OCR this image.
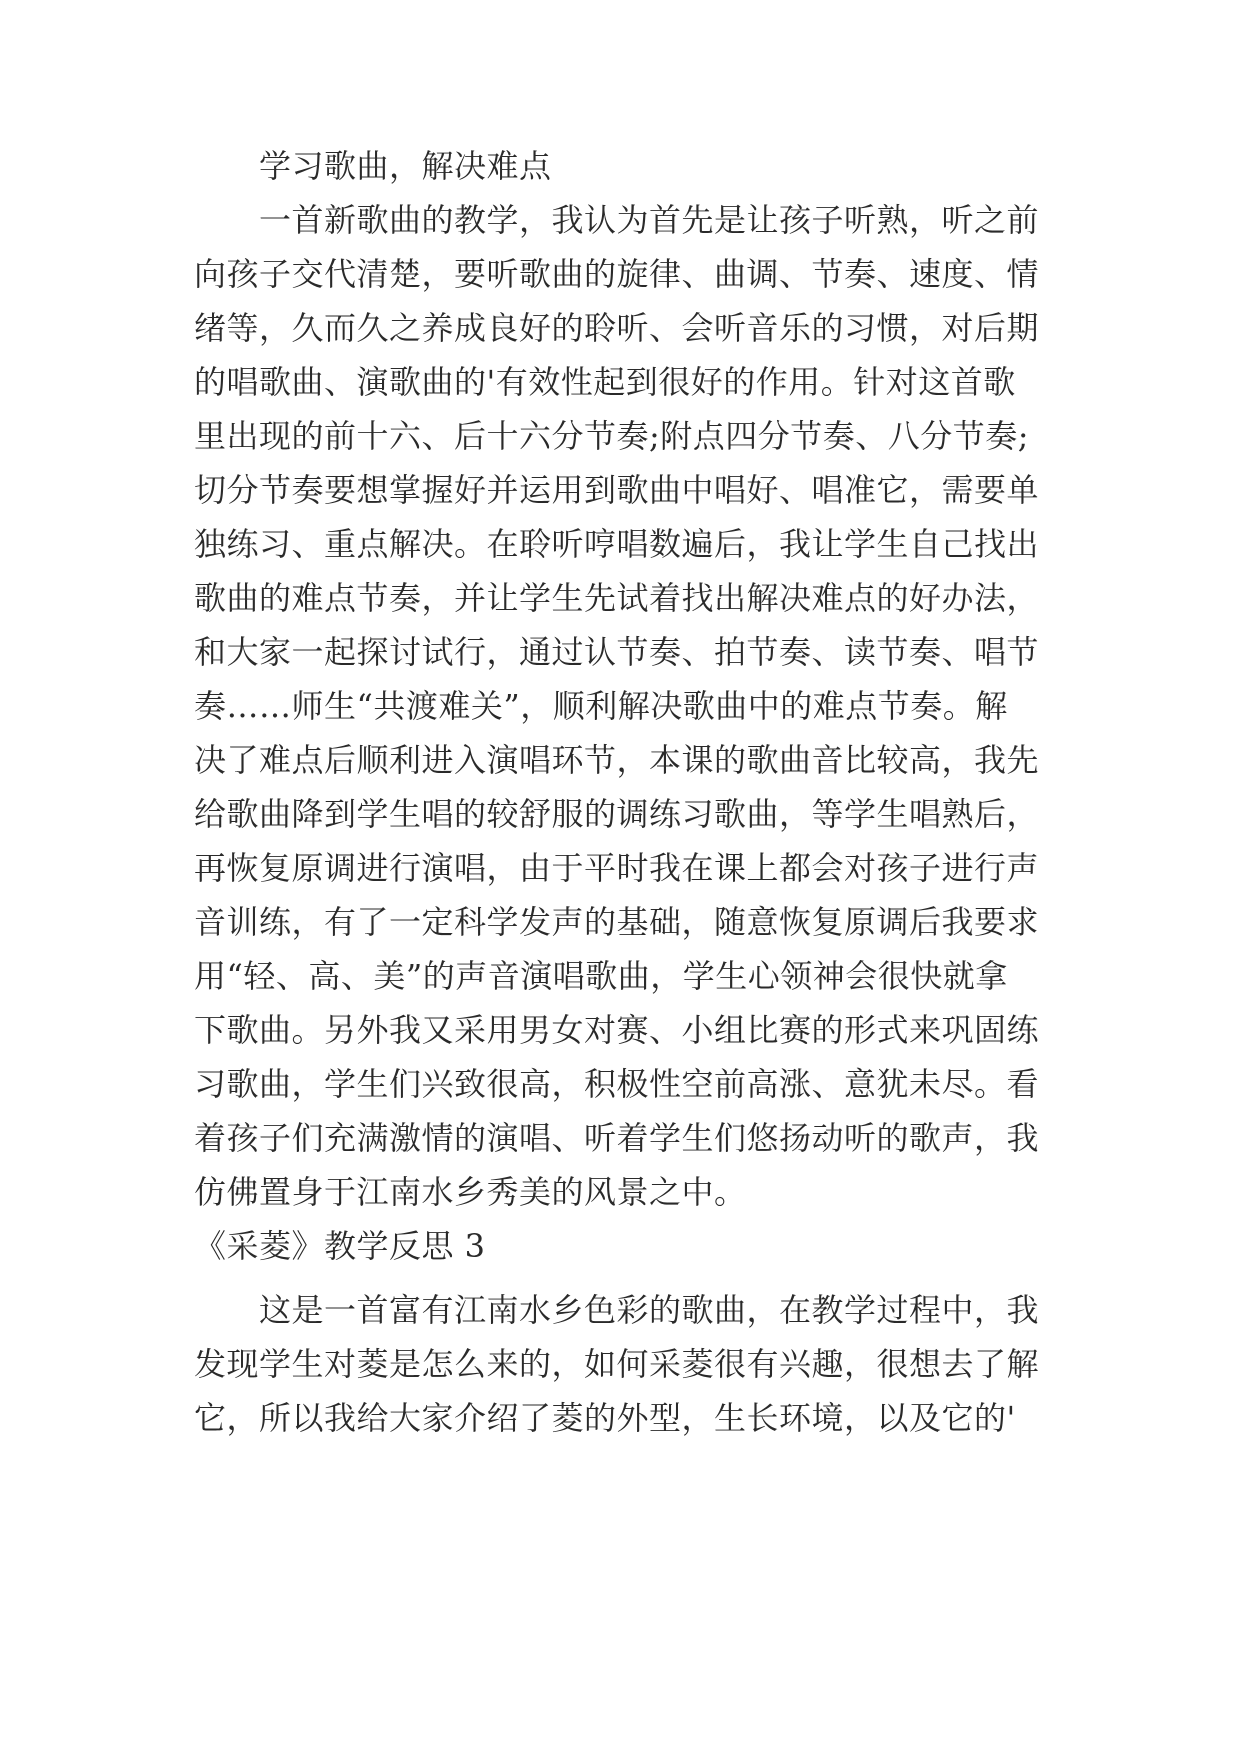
学习歌曲，解决难点
一首新歌曲的教学，我认为首先是让孩子听熟，听之前
向孩子交代清楚，要听歌曲的旋律、曲调、节奏、速度、情
绪等，久而久之养成良好的聆听、会听音乐的习惯，对后期
的唱歌曲、演歌曲的'有效性起到很好的作用。针对这首歌
里出现的前十六、后十六分节奏;附点四分节奏、八分节奏;
切分节奏要想掌握好并运用到歌曲中唱好、唱准它，需要单
独练习、重点解决。在聆听哼唱数遍后，我让学生自己找出
歌曲的难点节奏，并让学生先试着找出解决难点的好办法，
和大家一起探讨试行，通过认节奏、拍节奏、读节奏、唱节
奏……师生“共渡难关”，顺利解决歌曲中的难点节奏。解
决了难点后顺利进入演唱环节，本课的歌曲音比较高，我先
给歌曲降到学生唱的较舒服的调练习歌曲，等学生唱熟后，
再恢复原调进行演唱，由于平时我在课上都会对孩子进行声
音训练，有了一定科学发声的基础，随意恢复原调后我要求
用“轻、高、美”的声音演唱歌曲，学生心领神会很快就拿
下歌曲。另外我又采用男女对赛、小组比赛的形式来巩固练
习歌曲，学生们兴致很高，积极性空前高涨、意犹未尽。看
着孩子们充满激情的演唱、听着学生们悠扬动听的歌声，我
仿佛置身于江南水乡秀美的风景之中。
《采菱》教学反思 3
这是一首富有江南水乡色彩的歌曲，在教学过程中，我
发现学生对菱是怎么来的，如何采菱很有兴趣，很想去了解
它，所以我给大家介绍了菱的外型，生长环境，以及它的'
